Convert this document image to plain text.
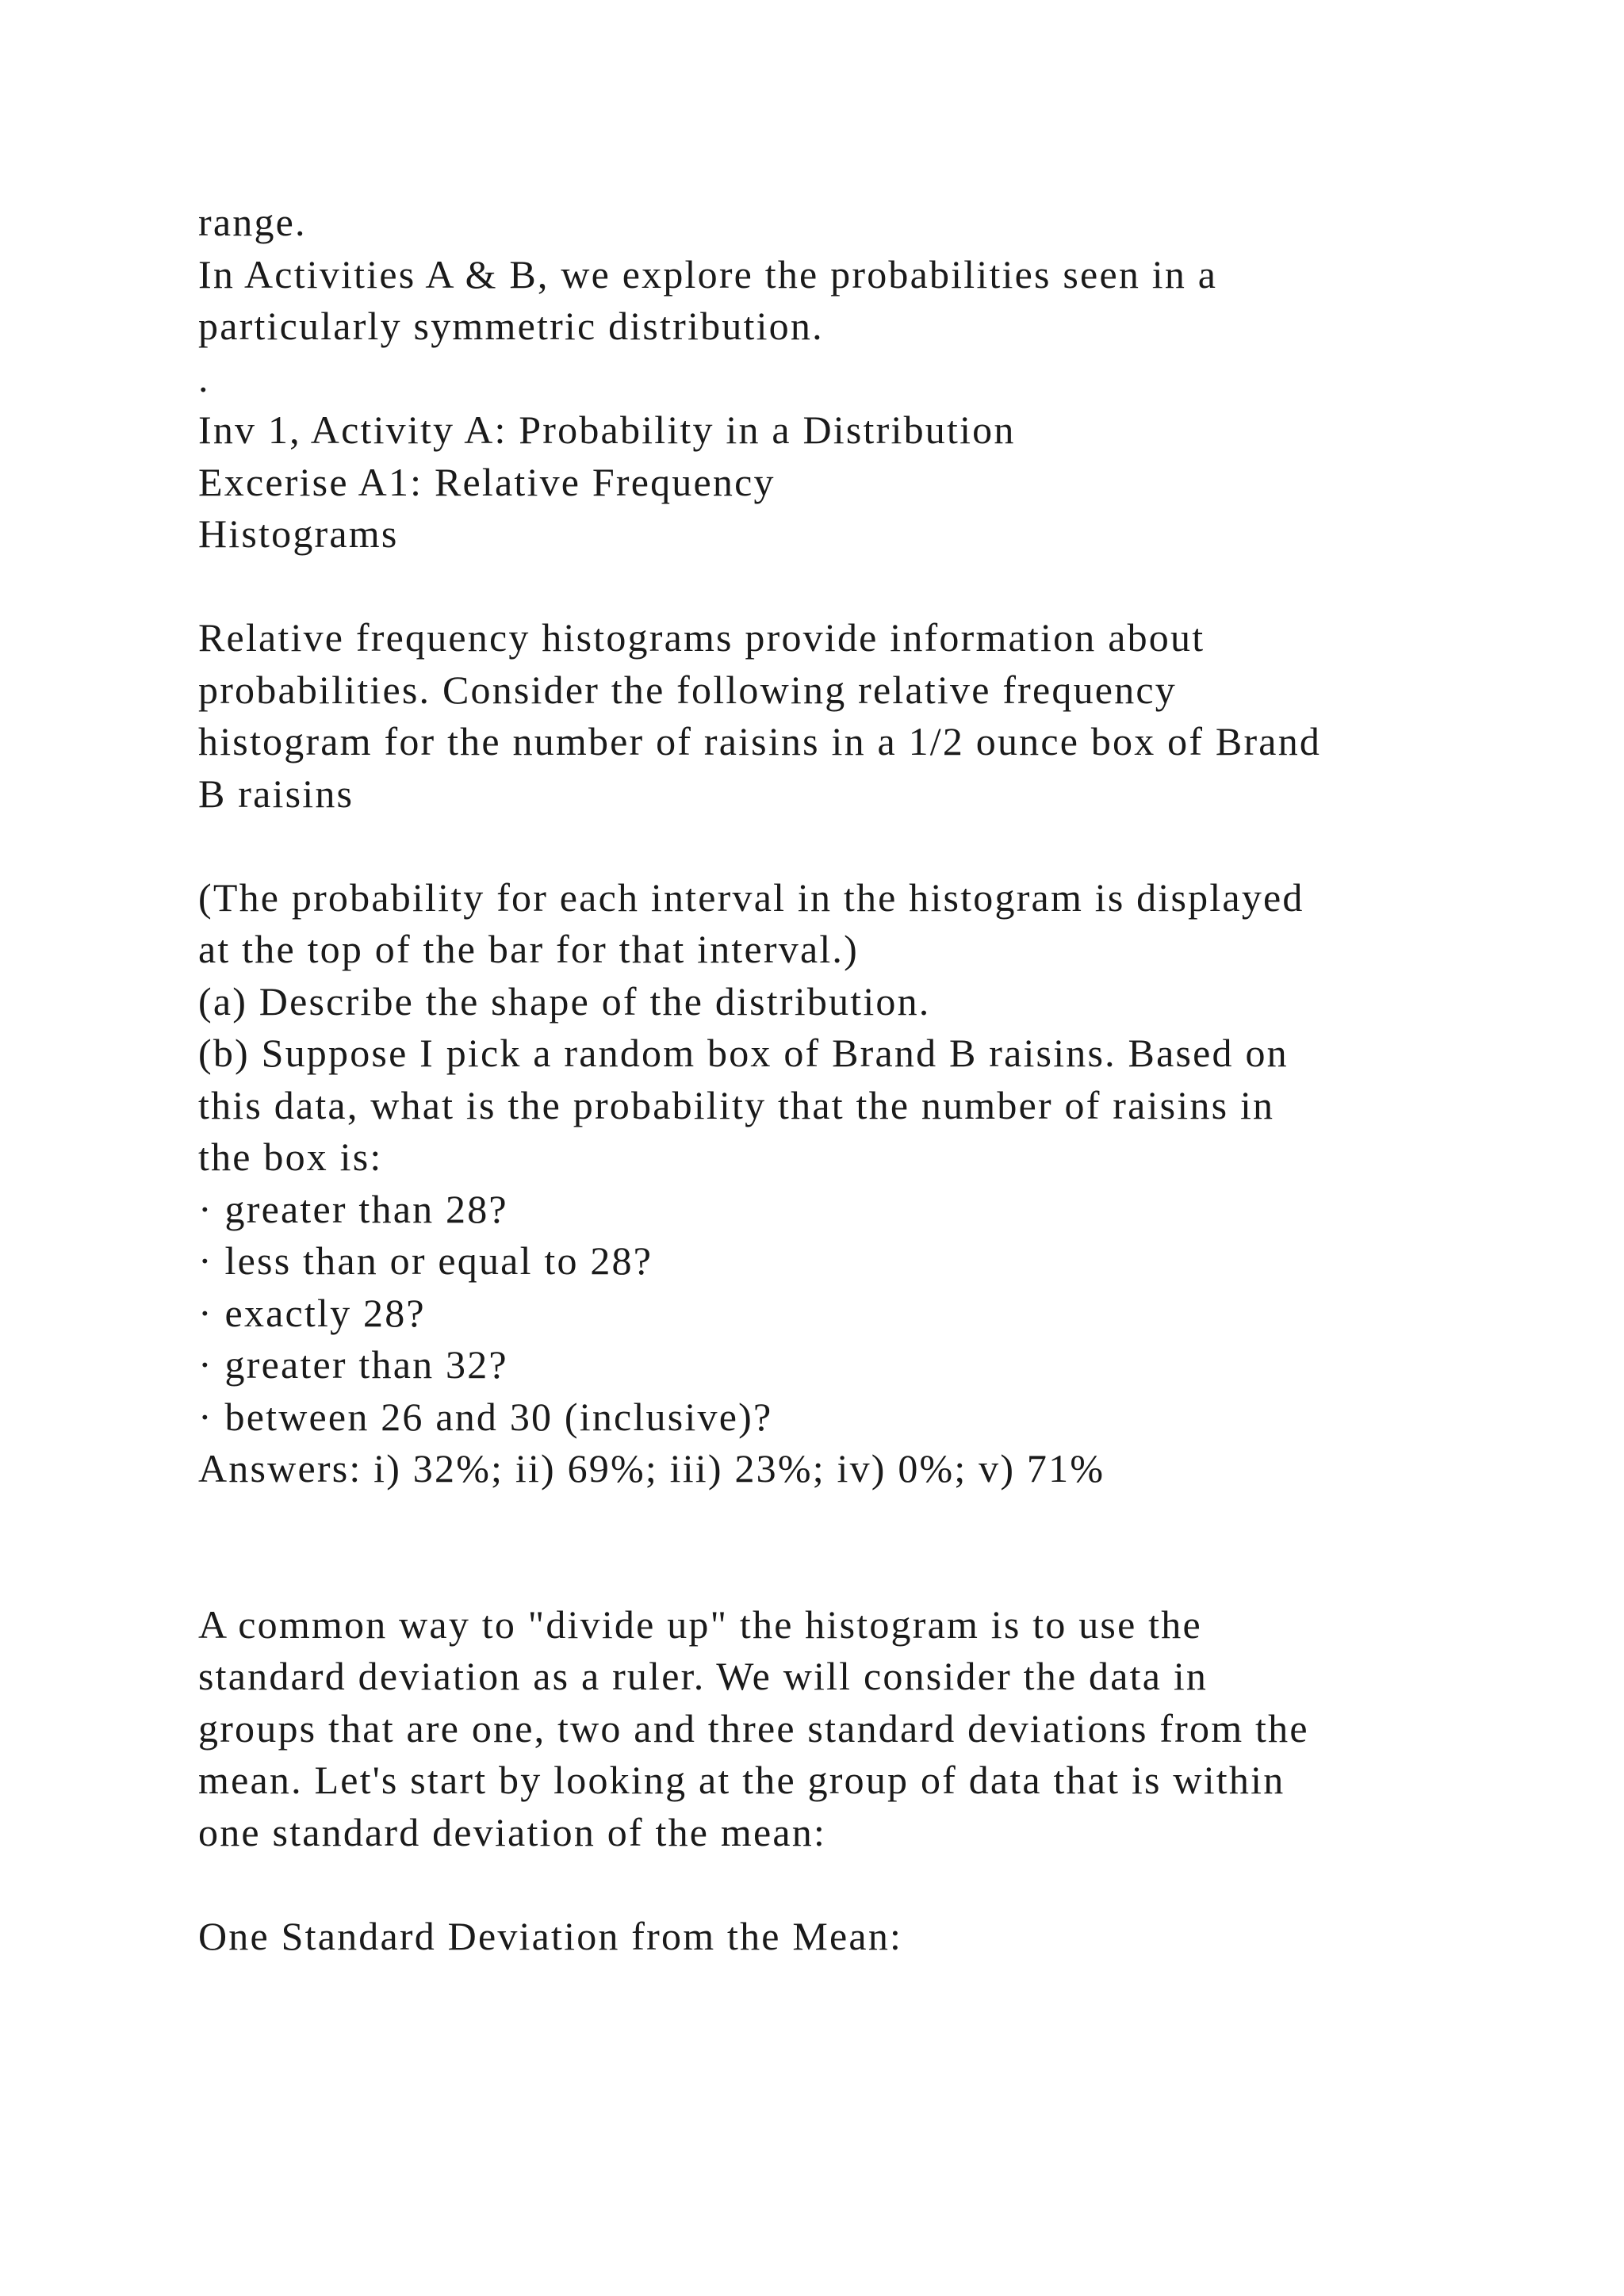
range.
In Activities A & B, we explore the probabilities seen in a
particularly symmetric distribution.
.
Inv 1, Activity A: Probability in a Distribution
Excerise A1: Relative Frequency
Histograms
Relative frequency histograms provide information about
probabilities. Consider the following relative frequency
histogram for the number of raisins in a 1/2 ounce box of Brand
B raisins
(The probability for each interval in the histogram is displayed
at the top of the bar for that interval.)
(a) Describe the shape of the distribution.
(b) Suppose I pick a random box of Brand B raisins. Based on
this data, what is the probability that the number of raisins in
the box is:
· greater than 28?
· less than or equal to 28?
· exactly 28?
· greater than 32?
· between 26 and 30 (inclusive)?
Answers: i) 32%; ii) 69%; iii) 23%; iv) 0%; v) 71%
A common way to "divide up" the histogram is to use the
standard deviation as a ruler. We will consider the data in
groups that are one, two and three standard deviations from the
mean. Let's start by looking at the group of data that is within
one standard deviation of the mean:
One Standard Deviation from the Mean:
